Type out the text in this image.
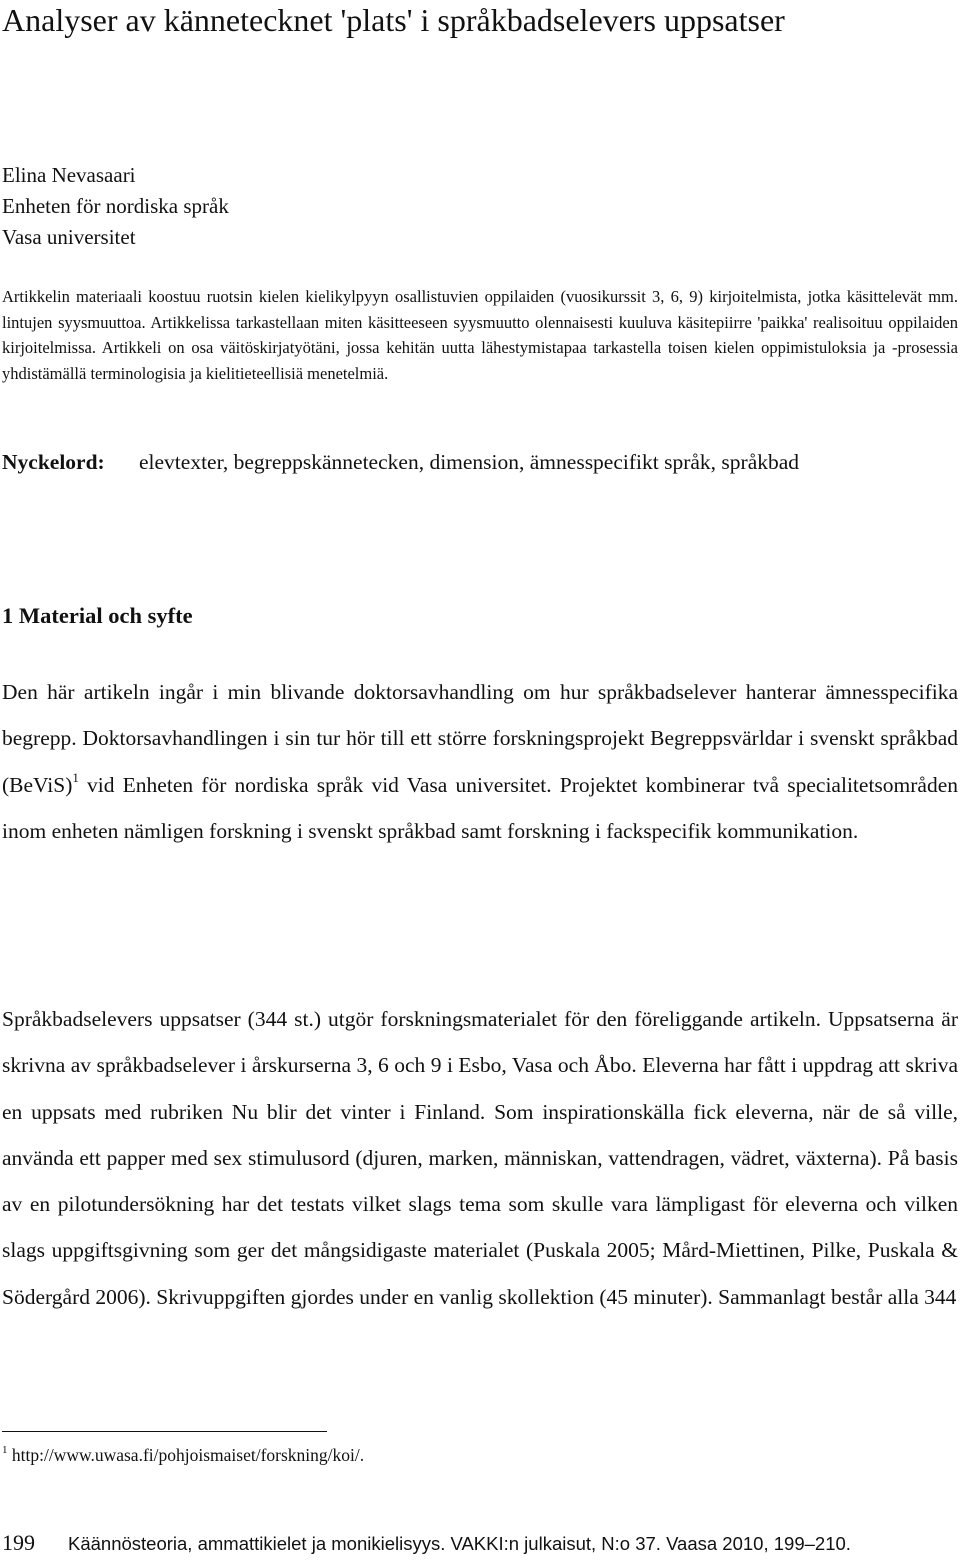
Analyser av kännetecknet 'plats' i språkbadselevers uppsatser
Elina Nevasaari
Enheten för nordiska språk
Vasa universitet

Artikkelin materiaali koostuu ruotsin kielen kielikylpyyn osallistuvien oppilaiden (vuosikurssit 3, 6, 9) kirjoitelmista, jotka käsittelevät mm. lintujen syysmuuttoa. Artikkelissa tarkastellaan miten käsitteeseen syysmuutto olennaisesti kuuluva käsitepiirre 'paikka' realisoituu oppilaiden kirjoitelmissa. Artikkeli on osa väitöskirjatyötäni, jossa kehitän uutta lähestymistapaa tarkastella toisen kielen oppimistuloksia ja -prosessia yhdistämällä terminologisia ja kielitieteellisiä menetelmiä.

Nyckelord:	elevtexter, begreppskännetecken, dimension, ämnesspecifikt språk, språkbad
1 Material och syfte

Den här artikeln ingår i min blivande doktorsavhandling om hur språkbadselever hanterar ämnesspecifika begrepp. Doktorsavhandlingen i sin tur hör till ett större forskningsprojekt Begreppsvärldar i svenskt språkbad (BeViS)$^1$ vid Enheten för nordiska språk vid Vasa universitet. Projektet kombinerar två specialitetsområden inom enheten nämligen forskning i svenskt språkbad samt forskning i fackspecifik kommunikation.

Språkbadselevers uppsatser (344 st.) utgör forskningsmaterialet för den föreliggande artikeln. Uppsatserna är skrivna av språkbadselever i årskurserna 3, 6 och 9 i Esbo, Vasa och Åbo. Eleverna har fått i uppdrag att skriva en uppsats med rubriken Nu blir det vinter i Finland. Som inspirationskälla fick eleverna, när de så ville, använda ett papper med sex stimulusord (djuren, marken, människan, vattendragen, vädret, växterna). På basis av en pilotundersökning har det testats vilket slags tema som skulle vara lämpligast för eleverna och vilken slags uppgiftsgivning som ger det mångsidigaste materialet (Puskala 2005; Mård-Miettinen, Pilke, Puskala & Södergård 2006). Skrivuppgiften gjordes under en vanlig skollektion (45 minuter). Sammanlagt består alla 344

$^1$ http://www.uwasa.fi/pohjoismaiset/forskning/koi/.
199 Käännösteoria, ammattikielet ja monikielisyys. VAKKI:n julkaisut, N:o 37. Vaasa 2010, 199–210.
